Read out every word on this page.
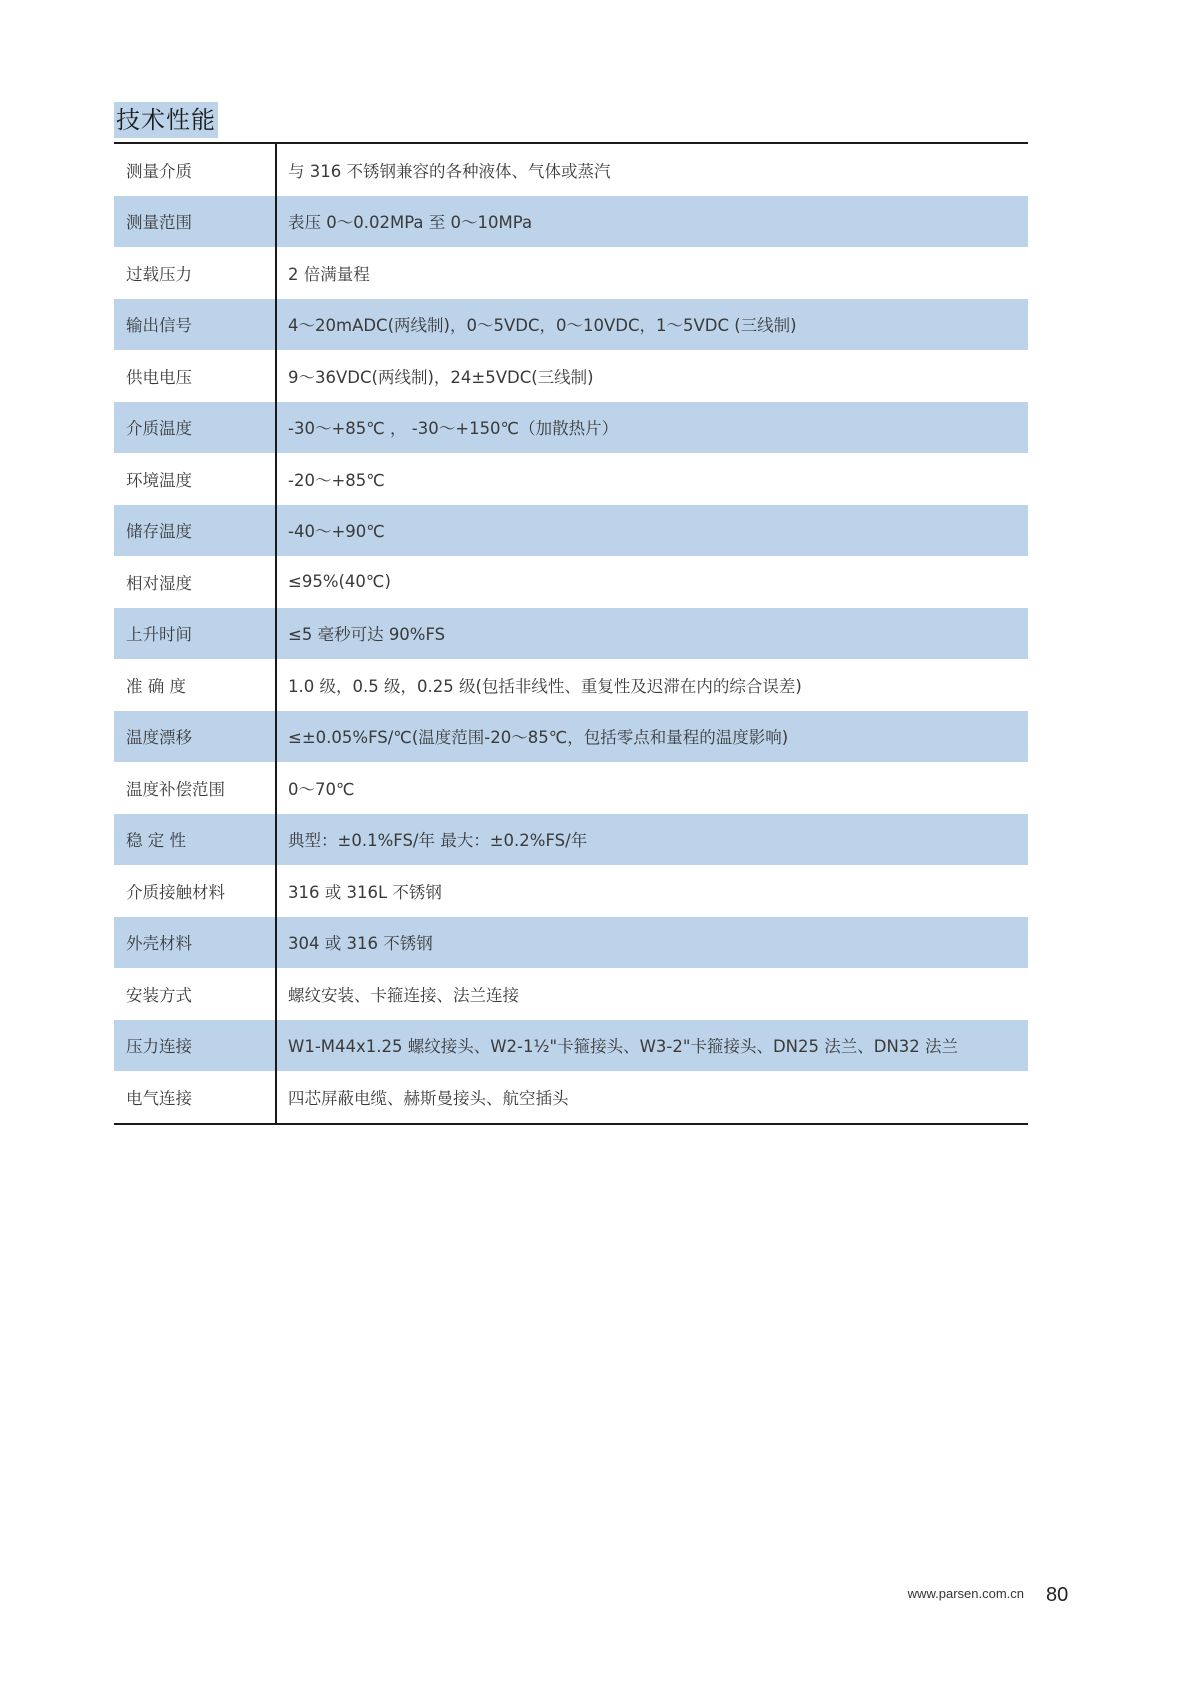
技术性能
测量介质	与 316 不锈钢兼容的各种液体、气体或蒸汽
测量范围	表压 0～0.02MPa 至 0～10MPa
过载压力	2 倍满量程
输出信号	4～20mADC(两线制)，0～5VDC，0～10VDC，1～5VDC (三线制)
供电电压	9～36VDC(两线制)，24±5VDC(三线制)
介质温度	-30～+85℃ ， -30～+150℃（加散热片）
环境温度	-20～+85℃
储存温度	-40～+90℃
相对湿度	≤95%(40℃)
上升时间	≤5 毫秒可达 90%FS
准 确 度	1.0 级，0.5 级，0.25 级(包括非线性、重复性及迟滞在内的综合误差)
温度漂移	≤±0.05%FS/℃(温度范围-20～85℃，包括零点和量程的温度影响)
温度补偿范围	0～70℃
稳 定 性	典型：±0.1%FS/年 最大：±0.2%FS/年
介质接触材料	316 或 316L 不锈钢
外壳材料	304 或 316 不锈钢
安装方式	螺纹安装、卡箍连接、法兰连接
压力连接	W1-M44x1.25 螺纹接头、W2-1½"卡箍接头、W3-2"卡箍接头、DN25 法兰、DN32 法兰
电气连接	四芯屏蔽电缆、赫斯曼接头、航空插头
www.parsen.com.cn 80
